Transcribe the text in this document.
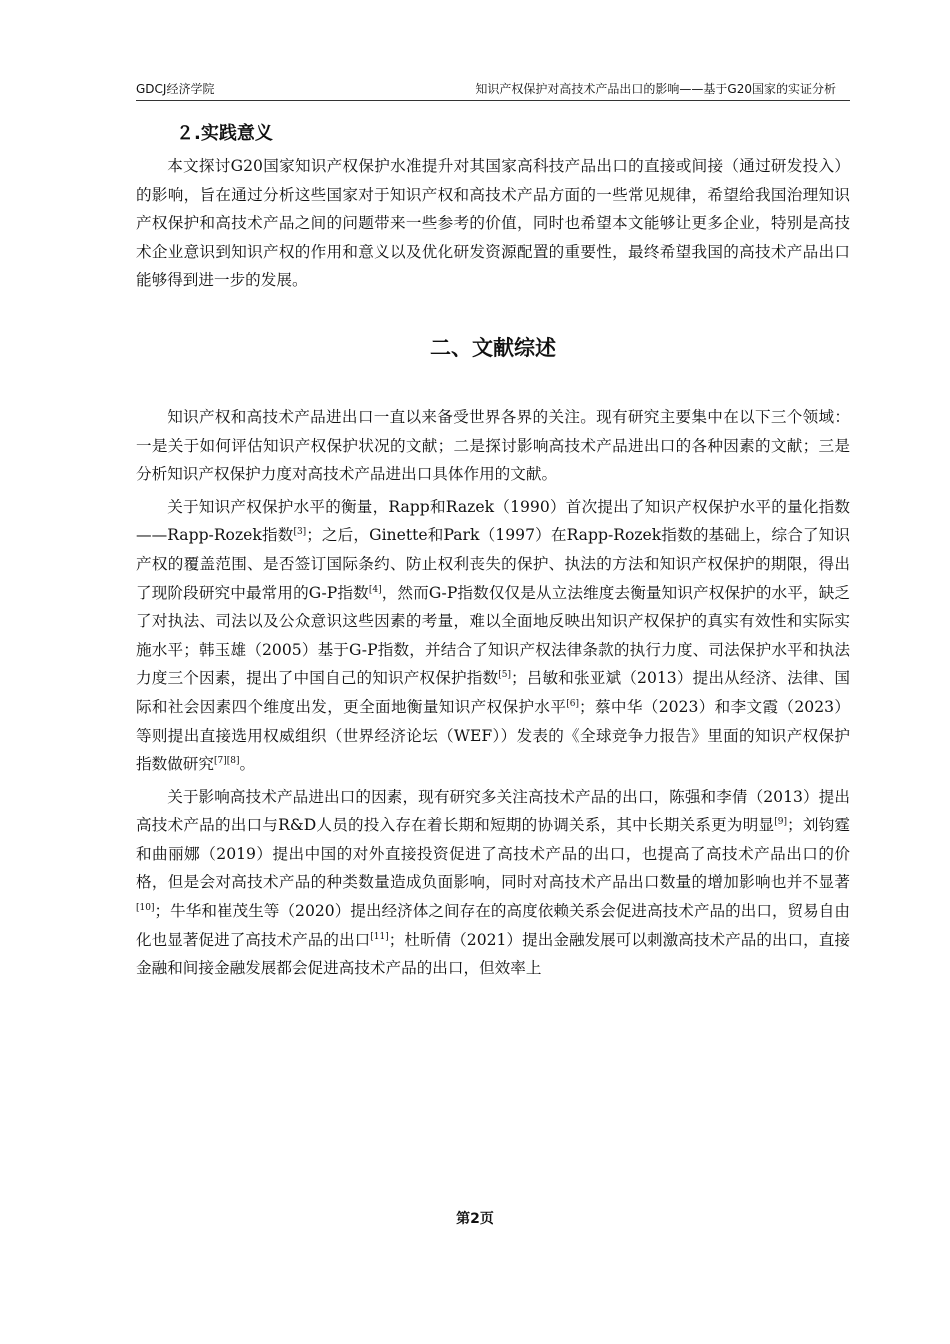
GDCJ经济学院	知识产权保护对高技术产品出口的影响——基于G20国家的实证分析
２.实践意义

本文探讨G20国家知识产权保护水准提升对其国家高科技产品出口的直接或间接（通过研发投入）的影响，旨在通过分析这些国家对于知识产权和高技术产品方面的一些常见规律，希望给我国治理知识产权保护和高技术产品之间的问题带来一些参考的价值，同时也希望本文能够让更多企业，特别是高技术企业意识到知识产权的作用和意义以及优化研发资源配置的重要性，最终希望我国的高技术产品出口能够得到进一步的发展。

二、文献综述

知识产权和高技术产品进出口一直以来备受世界各界的关注。现有研究主要集中在以下三个领域：一是关于如何评估知识产权保护状况的文献；二是探讨影响高技术产品进出口的各种因素的文献；三是分析知识产权保护力度对高技术产品进出口具体作用的文献。

关于知识产权保护水平的衡量，Rapp和Razek（1990）首次提出了知识产权保护水平的量化指数——Rapp-Rozek指数[3]；之后，Ginette和Park（1997）在Rapp-Rozek指数的基础上，综合了知识产权的覆盖范围、是否签订国际条约、防止权利丧失的保护、执法的方法和知识产权保护的期限，得出了现阶段研究中最常用的G-P指数[4]，然而G-P指数仅仅是从立法维度去衡量知识产权保护的水平，缺乏了对执法、司法以及公众意识这些因素的考量，难以全面地反映出知识产权保护的真实有效性和实际实施水平；韩玉雄（2005）基于G-P指数，并结合了知识产权法律条款的执行力度、司法保护水平和执法力度三个因素，提出了中国自己的知识产权保护指数[5]；吕敏和张亚斌（2013）提出从经济、法律、国际和社会因素四个维度出发，更全面地衡量知识产权保护水平[6]；蔡中华（2023）和李文霞（2023）等则提出直接选用权威组织（世界经济论坛（WEF））发表的《全球竞争力报告》里面的知识产权保护指数做研究[7][8]。

关于影响高技术产品进出口的因素，现有研究多关注高技术产品的出口，陈强和李倩（2013）提出高技术产品的出口与R&D人员的投入存在着长期和短期的协调关系，其中长期关系更为明显[9]；刘钧霆和曲丽娜（2019）提出中国的对外直接投资促进了高技术产品的出口，也提高了高技术产品出口的价格，但是会对高技术产品的种类数量造成负面影响，同时对高技术产品出口数量的增加影响也并不显著[10]；牛华和崔茂生等（2020）提出经济体之间存在的高度依赖关系会促进高技术产品的出口，贸易自由化也显著促进了高技术产品的出口[11]；杜昕倩（2021）提出金融发展可以刺激高技术产品的出口，直接金融和间接金融发展都会促进高技术产品的出口，但效率上

第2页
